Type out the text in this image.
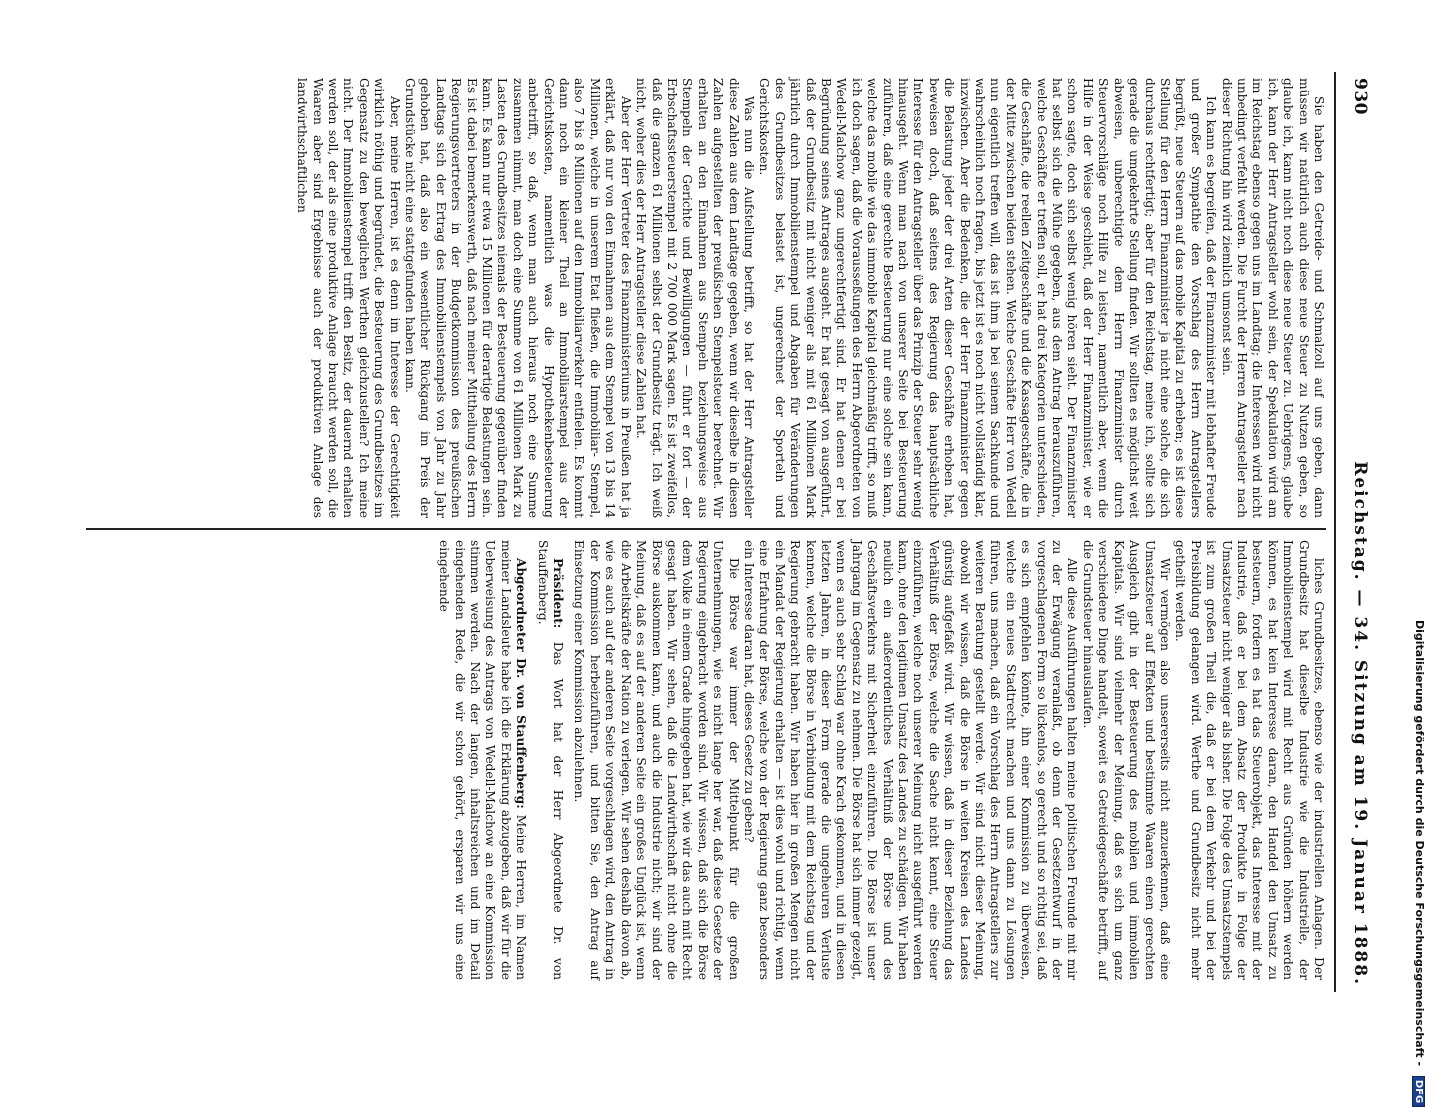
930
Reichstag. — 34. Sitzung am 19. Januar 1888.

Sie haben den Getreide- und Schmalzoll auf uns geben, dann müssen wir natürlich auch diese neue Steuer zu Nutzen geben, so glaube ich, kann nicht noch diese neue Steuer zu. Uebrigens, glaube ich, kann der Herr Antragsteller wohl sein, der Spekulation wird am im Reichstag ebenso gegen uns im Landtag; die Interessen wird nicht unbedingt verfehlt werden. Die Furcht der Herren Antragsteller nach dieser Richtung hin wird ziemlich umsonst sein.

Ich kann es begreifen, daß der Finanzminister mit lebhafter Freude und großer Sympathie den Vorschlag des Herrn Antragstellers begrüßt, neue Steuern auf das mobile Kapital zu erheben; es ist diese Stellung für den Herrn Finanzminister ja nicht eine solche, die sich durchaus rechtfertigt; aber für den Reichstag, meine ich, sollte sich gerade die umgekehrte Stellung finden. Wir sollten es möglichst weit abweisen, unberechtigte dem Herrn Finanzminister durch Steuervorschläge noch Hilfe zu leisten, namentlich aber, wenn die Hilfe in der Weise geschieht, daß der Herr Finanzminister, wie er schon sagte, doch sich selbst wenig hören sieht. Der Finanzminister hat selbst sich die Mühe gegeben, aus dem Antrag herauszuführen, welche Geschäfte er treffen soll, er hat drei Kategorien unterschieden, die Geschäfte, die reellen Zeitgeschäfte und die Kassageschäfte, die in der Mitte zwischen beiden stehen. Welche Geschäfte Herr von Wedell nun eigentlich treffen will, das ist ihm ja bei seinem Sachkunde und wahrscheinlich noch fragen, bis jetzt ist es noch nicht vollständig klar, inzwischen. Aber die Bedenken, die der Herr Finanzminister gegen die Belastung jeder der drei Arten dieser Geschäfte erhoben hat, beweisen doch, daß seitens des Regierung das hauptsächliche Interesse für den Antragsteller über das Prinzip der Steuer sehr wenig hinausgeht. Wenn man nach von unserer Seite bei Besteuerung zuführen, daß eine gerechte Besteuerung nur eine solche sein kann, welche das mobile wie das immobile Kapital gleichmäßig trifft, so muß ich doch sagen, daß die Vorausseßungen des Herrn Abgeordneten von Wedell-Malchow ganz ungerechtfertigt sind. Er hat denen er bei Begründung seines Antrages ausgeht. Er hat gesagt von ausgeführt, daß der Grundbesitz mit nicht weniger als mit 61 Millionen Mark jährlich durch Immobilienstempel und Abgaben für Veränderungen des Grundbesitzes belastet ist, ungerechnet der Sporteln und Gerichtskosten.

Was nun die Aufstellung betrifft, so hat der Herr Antragsteller diese Zahlen aus dem Landtage gegeben, wenn wir dieselbe in diesen Zahlen aufgestellten der preußischen Stempelsteuer berechnet. Wir erhalten an den Einnahmen aus Stempeln beziehungsweise aus Stempeln der Gerichte und Bewilligungen — führt er fort — der Erbschaftssteuerstempel mit 2 700 000 Mark sagen. Es ist zweifellos, daß die ganzen 61 Millionen selbst der Grundbesitz trägt. Ich weiß nicht, woher dies der Herr Antragsteller diese Zahlen hat.

Aber der Herr Vertreter des Finanzministeriums in Preußen hat ja erklärt, daß nur von den Einnahmen aus dem Stempel von 13 bis 14 Millionen, welche in unserem Etat fließen, die Immobiliar- Stempel, also 7 bis 8 Millionen auf den Immobiliarverkehr entfielen. Es kommt dann noch ein kleiner Theil an Immobiliarstempel aus der Gerichtskosten, namentlich was die Hypothekenbesteuerung anbetrifft, so daß, wenn man auch hieraus noch eine Summe zusammen nimmt, man doch eine Summe von 61 Millionen Mark zu Lasten des Grundbesitzes niemals der Besteuerung gegenüber finden kann. Es kann nur etwa 15 Millionen für derartige Belastungen sein. Es ist dabei bemerkenswerth, daß nach meiner Mittheilung des Herrn Regierungsvertreters in der Budgetkommission des preußischen Landtags sich der Ertrag des Immobilienstempels von Jahr zu Jahr gehoben hat, daß also ein wesentlicher Rückgang im Preis der Grundstücke nicht eine stattgefunden haben kann.

Aber, meine Herren, ist es denn im Interesse der Gerechtigkeit wirklich nöthig und begründet, die Besteuerung des Grundbesitzes im Gegensatz zu den beweglichen Werthen gleichzustellen? Ich meine nicht. Der Immobilienstempel trifft den Besitz, der dauernd erhalten werden soll, der als eine produktive Anlage braucht werden soll, die Waaren aber sind Ergebnisse auch der produktiven Anlage des landwirthschaftlichen

liches Grundbesitzes, ebenso wie der industriellen Anlagen. Der Grundbesitz hat dieselbe Industrie wie die Industrielle, der Immobilienstempel wird mit Recht aus Gründen höhern werden können, es hat kein Interesse daran, den Handel den Umsatz zu besteuern, fordern es hat das Steuerobjekt, das Interesse mit der Industrie, daß er bei dem Absatz der Produkte in Folge der Umsatzsteuer nicht weniger als bisher. Die Folge des Umsatzstempels ist zum großen Theil die, daß er bei dem Verkehr und bei der Preisbildung gelangen wird. Werthe und Grundbesitz nicht mehr getheilt werden.

Wir vermögen also unsererseits nicht anzuerkennen, daß eine Umsatzsteuer auf Effekten und bestimmte Waaren einen gerechten Ausgleich gibt in der Besteuerung des mobilen und immobilen Kapitals. Wir sind vielmehr der Meinung, daß es sich um ganz verschiedene Dinge handelt, soweit es Getreidegeschäfte betrifft, auf die Grundsteuer hinauslaufen.

Alle diese Ausführungen halten meine politischen Freunde mit mir zu der Erwägung veranlaßt, ob denn der Gesetzentwurf in der vorgeschlagenen Form so lückenlos, so gerecht und so richtig sei, daß es sich empfehlen könnte, ihn einer Kommission zu überweisen, welche ein neues Stadtrecht machen und uns dann zu Lösungen führen, uns machen, daß ein Vorschlag des Herrn Antragstellers zur weiteren Beratung gestellt werde. Wir sind nicht dieser Meinung, obwohl wir wissen, daß die Börse in weiten Kreisen des Landes günstig aufgefaßt wird. Wir wissen, daß in dieser Beziehung das Verhältniß der Börse, welche die Sache nicht kennt, eine Steuer einzuführen, welche noch unserer Meinung nicht ausgeführt werden kann, ohne den legitimen Umsatz des Landes zu schädigen. Wir haben neulich ein außerordentliches Verhältniß der Börse und des Geschäftsverkehrs mit Sicherheit einzuführen. Die Börse ist unser Jahrgang im Gegensatz zu nehmen. Die Börse hat sich immer gezeigt, wenn es auch sehr Schlag war ohne Krach gekommen, und in diesen letzten Jahren, in dieser Form gerade die ungeheuren Verluste kennen, welche die Börse in Verbindung mit dem Reichstag und der Regierung gebracht haben. Wir haben hier in großen Mengen nicht ein Mandat der Regierung erhalten — ist dies wohl und richtig, wenn eine Erfahrung der Börse, welche von der Regierung ganz besonders ein Interesse daran hat, dieses Gesetz zu geben?

Die Börse war immer der Mittelpunkt für die großen Unternehmungen, wie es nicht lange her war, daß diese Gesetze der Regierung eingebracht worden sind. Wir wissen, daß sich die Börse dem Volke in einem Grade hingegeben hat, wie wir das auch mit Recht gesagt haben. Wir sehen, daß die Landwirthschaft nicht ohne die Börse auskommen kann, und auch die Industrie nicht; wir sind der Meinung, daß es auf der anderen Seite ein großes Unglück ist, wenn die Arbeitskräfte der Nation zu verlegen. Wir sehen deshalb davon ab, wie es auch auf der anderen Seite vorgeschlagen wird, den Antrag in der Kommission herbeizuführen, und bitten Sie, den Antrag auf Einsetzung einer Kommission abzulehnen.

Präsident: Das Wort hat der Herr Abgeordnete Dr. von Stauffenberg.

Abgeordneter Dr. von Stauffenberg: Meine Herren, im Namen meiner Landsleute habe ich die Erklärung abzugeben, daß wir für die Ueberweisung des Antrags von Wedell-Malchow an eine Kommission stimmen werden. Nach der langen, inhaltsreichen und im Detail eingehenden Rede, die wir schon gehört, ersparen wir uns eine eingehende

Digitalisierung gefördert durch die Deutsche Forschungsgemeinschaft - DFG
